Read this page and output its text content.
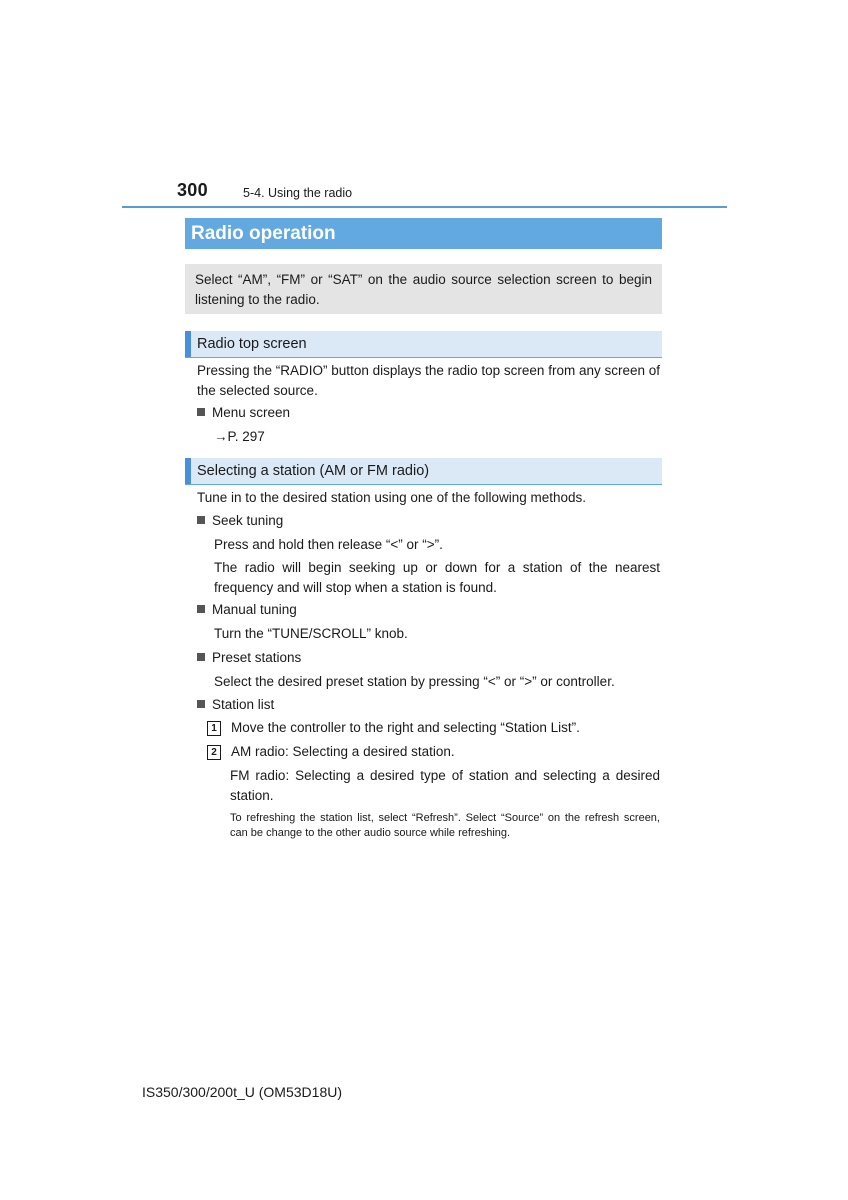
300	5-4. Using the radio
Radio operation
Select “AM”, “FM” or “SAT” on the audio source selection screen to begin listening to the radio.
Radio top screen
Pressing the “RADIO” button displays the radio top screen from any screen of the selected source.
Menu screen
→P. 297
Selecting a station (AM or FM radio)
Tune in to the desired station using one of the following methods.
Seek tuning
Press and hold then release “<” or “>”.
The radio will begin seeking up or down for a station of the nearest frequency and will stop when a station is found.
Manual tuning
Turn the “TUNE/SCROLL” knob.
Preset stations
Select the desired preset station by pressing “<” or “>” or controller.
Station list
1 Move the controller to the right and selecting “Station List”.
2 AM radio: Selecting a desired station.
FM radio: Selecting a desired type of station and selecting a desired station.
To refreshing the station list, select “Refresh”. Select “Source” on the refresh screen, can be change to the other audio source while refreshing.
IS350/300/200t_U (OM53D18U)
